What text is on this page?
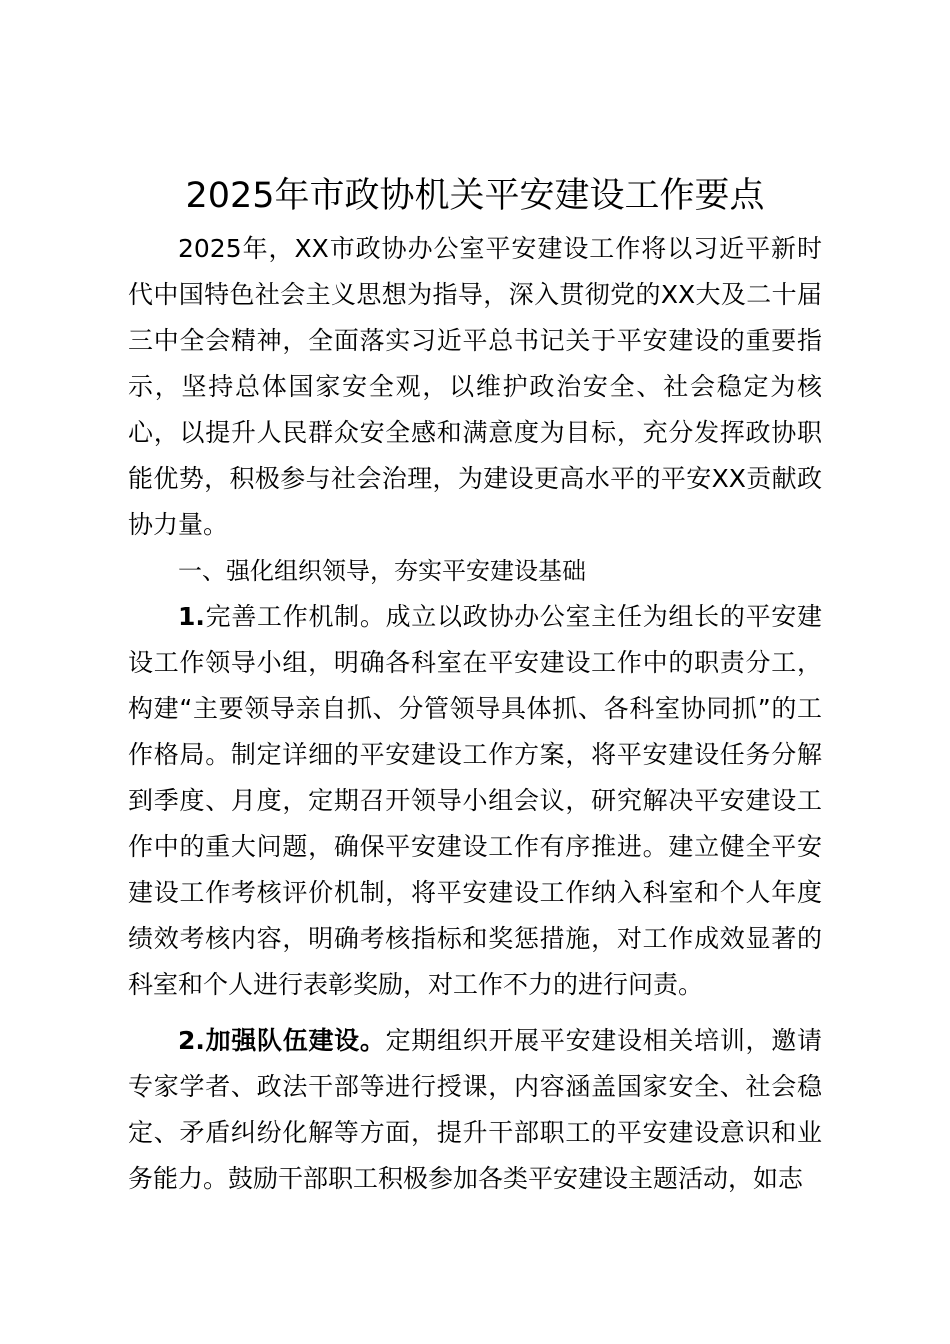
2025年市政协机关平安建设工作要点

2025年，XX市政协办公室平安建设工作将以习近平新时代中国特色社会主义思想为指导，深入贯彻党的XX大及二十届三中全会精神，全面落实习近平总书记关于平安建设的重要指示，坚持总体国家安全观，以维护政治安全、社会稳定为核心，以提升人民群众安全感和满意度为目标，充分发挥政协职能优势，积极参与社会治理，为建设更高水平的平安XX贡献政协力量。

一、强化组织领导，夯实平安建设基础

1.完善工作机制。成立以政协办公室主任为组长的平安建设工作领导小组，明确各科室在平安建设工作中的职责分工，构建“主要领导亲自抓、分管领导具体抓、各科室协同抓”的工作格局。制定详细的平安建设工作方案，将平安建设任务分解到季度、月度，定期召开领导小组会议，研究解决平安建设工作中的重大问题，确保平安建设工作有序推进。建立健全平安建设工作考核评价机制，将平安建设工作纳入科室和个人年度绩效考核内容，明确考核指标和奖惩措施，对工作成效显著的科室和个人进行表彰奖励，对工作不力的进行问责。

2.加强队伍建设。定期组织开展平安建设相关培训，邀请专家学者、政法干部等进行授课，内容涵盖国家安全、社会稳定、矛盾纠纷化解等方面，提升干部职工的平安建设意识和业务能力。鼓励干部职工积极参加各类平安建设主题活动，如志
